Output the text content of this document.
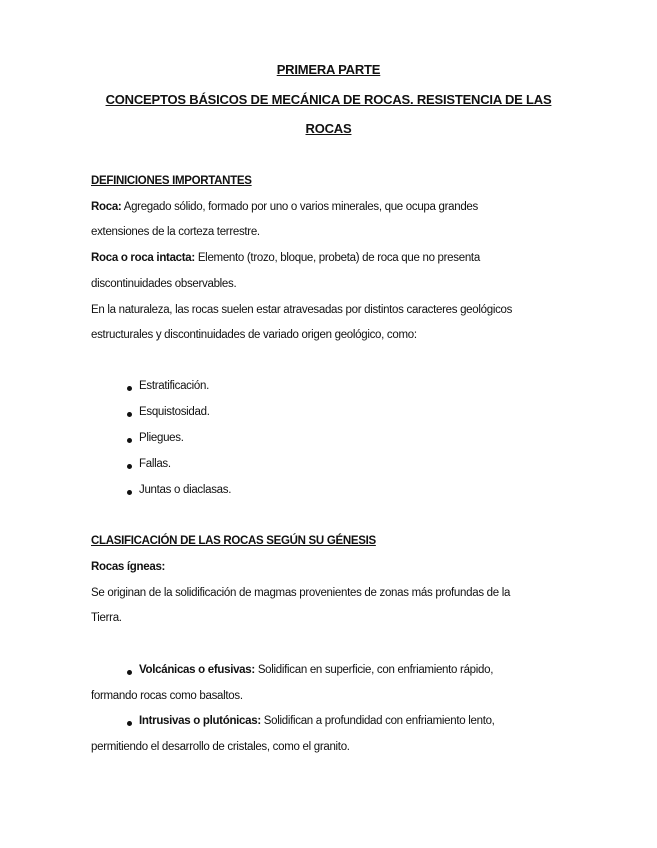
PRIMERA PARTE
CONCEPTOS BÁSICOS DE MECÁNICA DE ROCAS. RESISTENCIA DE LAS
ROCAS
DEFINICIONES IMPORTANTES
Roca: Agregado sólido, formado por uno o varios minerales, que ocupa grandes
extensiones de la corteza terrestre.
Roca o roca intacta: Elemento (trozo, bloque, probeta) de roca que no presenta
discontinuidades observables.
En la naturaleza, las rocas suelen estar atravesadas por distintos caracteres geológicos
estructurales y discontinuidades de variado origen geológico, como:
Estratificación.
Esquistosidad.
Pliegues.
Fallas.
Juntas o diaclasas.
CLASIFICACIÓN DE LAS ROCAS SEGÚN SU GÉNESIS
Rocas ígneas:
Se originan de la solidificación de magmas provenientes de zonas más profundas de la
Tierra.
Volcánicas o efusivas: Solidifican en superficie, con enfriamiento rápido,
formando rocas como basaltos.
Intrusivas o plutónicas: Solidifican a profundidad con enfriamiento lento,
permitiendo el desarrollo de cristales, como el granito.
